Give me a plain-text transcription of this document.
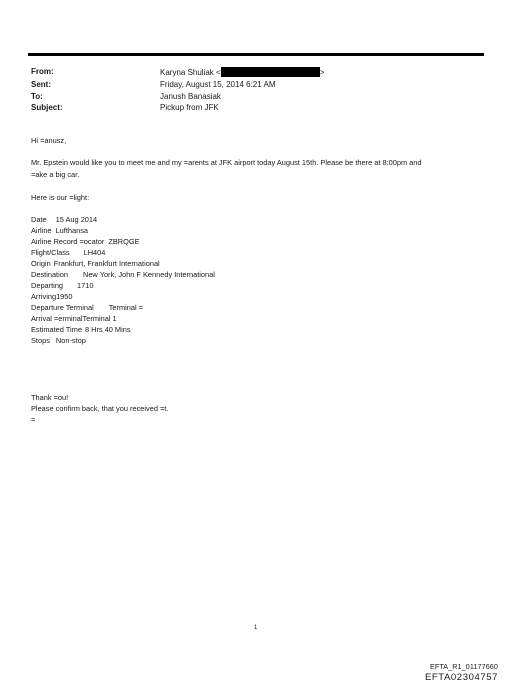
From:	Karyna Shuliak <	>
Sent:	Friday, August 15, 2014 6:21 AM
To:	Janush Banasiak
Subject:	Pickup from JFK
Hi =anusz,
Mr. Epstein would like you to meet me and my =arents at JFK airport today August 15th. Please be there at 8:00pm and
=ake a big car.
Here is our =light:
Date 15 Aug 2014
Airline Lufthansa
Airline Record =ocator ZBRQGE
Flight/Class LH404
Origin Frankfurt, Frankfurt International
Destination New York, John F Kennedy International
Departing 1710
Arriving1950
Departure Terminal Terminal =
Arrival =erminalTerminal 1
Estimated Time 8 Hrs 40 Mins
Stops Non-stop
Thank =ou!
Please confirm back, that you received =t.
=
1
EFTA_R1_01177660
EFTA02304757
